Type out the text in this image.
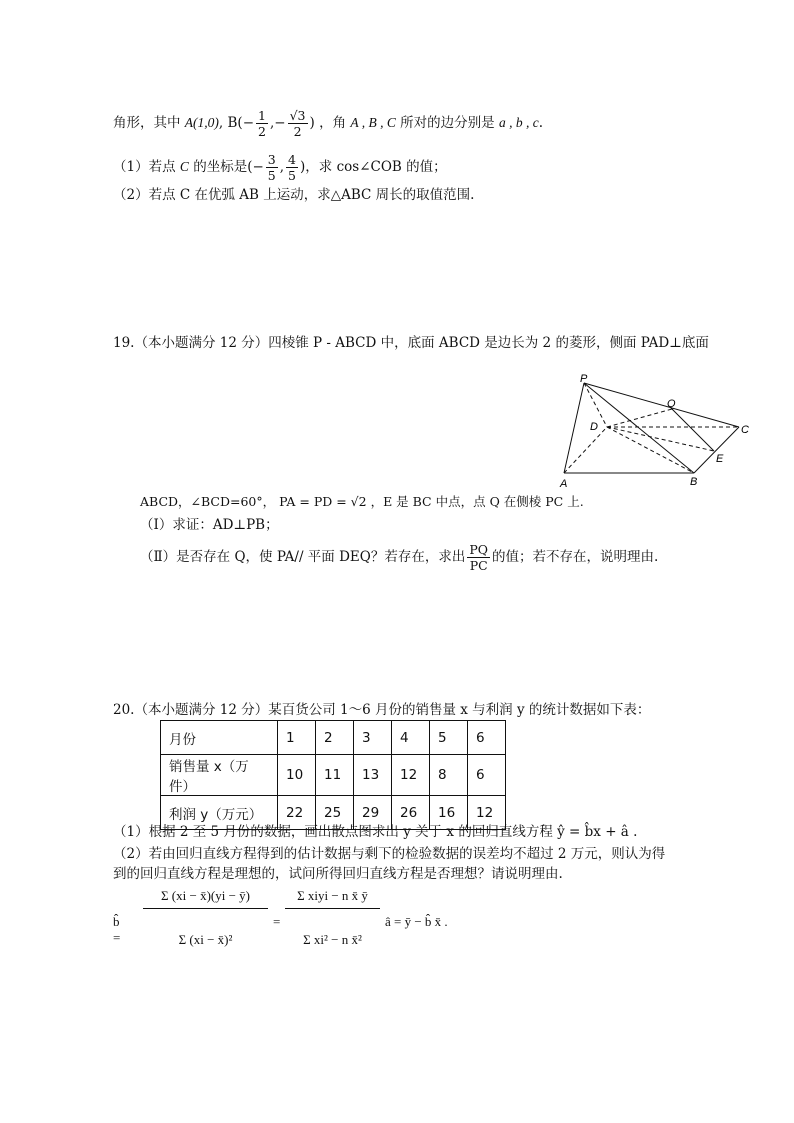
角形，其中 A(1,0), $B(- \frac{1}{2}$ ,− $\frac{√3}{2}$ ) ，角 A , B , C 所对的边分别是 a , b , c.
（1）若点 C 的坐标是(− $\frac{3}{5}$ , $\frac{4}{5}$ )，求 cos∠COB 的值；
（2）若点 C 在优弧 AB 上运动，求△ABC 周长的取值范围.
19.（本小题满分 12 分）四棱锥 P - ABCD 中，底面 ABCD 是边长为 2 的菱形，侧面 PAD⊥底面
P
Q
D	C
E
A	B
ABCD，∠BCD=60°， PA = PD = √2 ，E 是 BC 中点，点 Q 在侧棱 PC 上.
（Ⅰ）求证：AD⊥PB；
（Ⅱ）是否存在 Q，使 PA// 平面 DEQ？若存在，求出 $\frac{PQ}{PC}$ 的值；若不存在，说明理由.
20.（本小题满分 12 分）某百货公司 1～6 月份的销售量 x 与利润 y 的统计数据如下表：
月份	1	2	3	4	5	6
销售量 x（万件）	10	11	13	12	8	6
利润 y（万元）	22	25	29	26	16	12
（1）根据 2 至 5 月份的数据，画出散点图求出 y 关于 x 的回归直线方程 ŷ = b̂x + â .
（2）若由回归直线方程得到的估计数据与剩下的检验数据的误差均不超过 2 万元，则认为得
到的回归直线方程是理想的，试问所得回归直线方程是否理想？请说明理由.
b̂ =
Σ (xi − x̄)(yi − ȳ)
Σ (xi − x̄)²
=
Σ xiyi − n x̄ ȳ
Σ xi² − n x̄²
â = ȳ − b̂ x̄ .
